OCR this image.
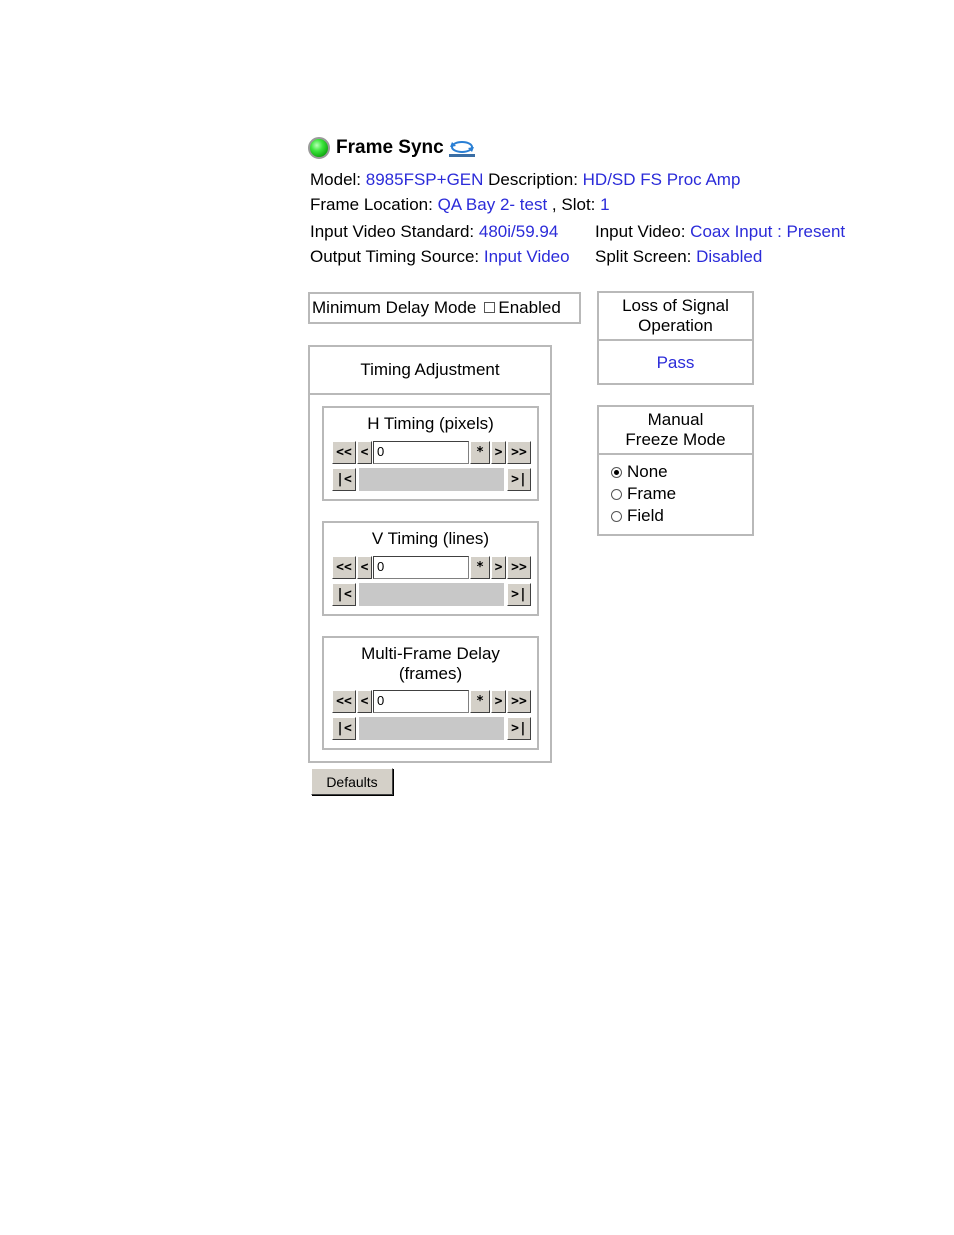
Frame Sync
Model: 8985FSP+GEN Description: HD/SD FS Proc Amp
Frame Location: QA Bay 2- test , Slot: 1
Input Video Standard: 480i/59.94 Input Video: Coax Input : Present
Output Timing Source: Input Video Split Screen: Disabled
Minimum Delay Mode Enabled
Timing Adjustment
H Timing (pixels)
<< < 0	* > >>
|<	>|
V Timing (lines)
<< < 0	* > >>
|<	>|
Multi-Frame Delay (frames)
<< < 0	* > >>
|<	>|
Loss of Signal Operation
Pass
Manual Freeze Mode
None
Frame
Field
Defaults
